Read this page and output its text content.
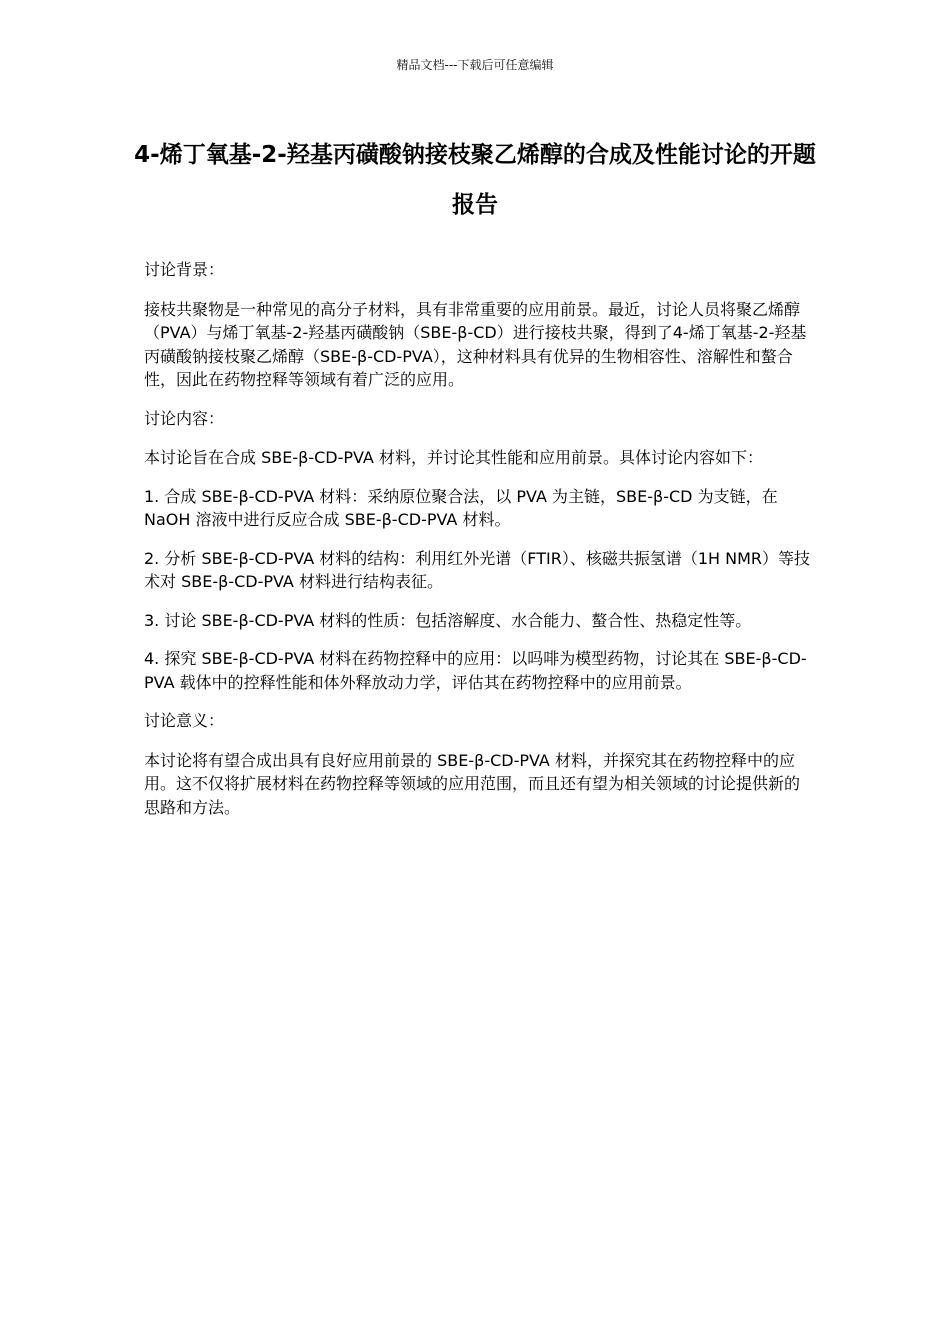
精品文档---下载后可任意编辑
4-烯丁氧基-2-羟基丙磺酸钠接枝聚乙烯醇的合成及性能讨论的开题报告

讨论背景：

接枝共聚物是一种常见的高分子材料，具有非常重要的应用前景。最近，讨论人员将聚乙烯醇（PVA）与烯丁氧基-2-羟基丙磺酸钠（SBE-β-CD）进行接枝共聚，得到了4-烯丁氧基-2-羟基丙磺酸钠接枝聚乙烯醇（SBE-β-CD-PVA），这种材料具有优异的生物相容性、溶解性和螯合性，因此在药物控释等领域有着广泛的应用。

讨论内容：

本讨论旨在合成 SBE-β-CD-PVA 材料，并讨论其性能和应用前景。具体讨论内容如下：

1. 合成 SBE-β-CD-PVA 材料：采纳原位聚合法，以 PVA 为主链，SBE-β-CD 为支链，在 NaOH 溶液中进行反应合成 SBE-β-CD-PVA 材料。

2. 分析 SBE-β-CD-PVA 材料的结构：利用红外光谱（FTIR）、核磁共振氢谱（1H NMR）等技术对 SBE-β-CD-PVA 材料进行结构表征。

3. 讨论 SBE-β-CD-PVA 材料的性质：包括溶解度、水合能力、螯合性、热稳定性等。

4. 探究 SBE-β-CD-PVA 材料在药物控释中的应用：以吗啡为模型药物，讨论其在 SBE-β-CD-PVA 载体中的控释性能和体外释放动力学，评估其在药物控释中的应用前景。

讨论意义：

本讨论将有望合成出具有良好应用前景的 SBE-β-CD-PVA 材料，并探究其在药物控释中的应用。这不仅将扩展材料在药物控释等领域的应用范围，而且还有望为相关领域的讨论提供新的思路和方法。
